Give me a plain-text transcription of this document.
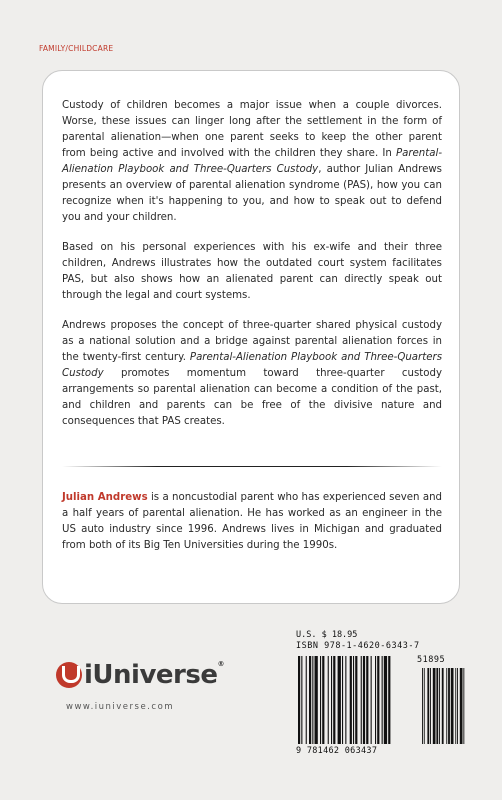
FAMILY/CHILDCARE

Custody of children becomes a major issue when a couple divorces. Worse, these issues can linger long after the settlement in the form of parental alienation—when one parent seeks to keep the other parent from being active and involved with the children they share. In Parental-Alienation Playbook and Three-Quarters Custody, author Julian Andrews presents an overview of parental alienation syndrome (PAS), how you can recognize when it's happening to you, and how to speak out to defend you and your children.

Based on his personal experiences with his ex-wife and their three children, Andrews illustrates how the outdated court system facilitates PAS, but also shows how an alienated parent can directly speak out through the legal and court systems.

Andrews proposes the concept of three-quarter shared physical custody as a national solution and a bridge against parental alienation forces in the twenty-first century. Parental-Alienation Playbook and Three-Quarters Custody promotes momentum toward three-quarter custody arrangements so parental alienation can become a condition of the past, and children and parents can be free of the divisive nature and consequences that PAS creates.

Julian Andrews is a noncustodial parent who has experienced seven and a half years of parental alienation. He has worked as an engineer in the US auto industry since 1996. Andrews lives in Michigan and graduated from both of its Big Ten Universities during the 1990s.
iUniverse®
www.iuniverse.com
U.S. $ 18.95
ISBN 978-1-4620-6343-7
51895
9 781462 063437
